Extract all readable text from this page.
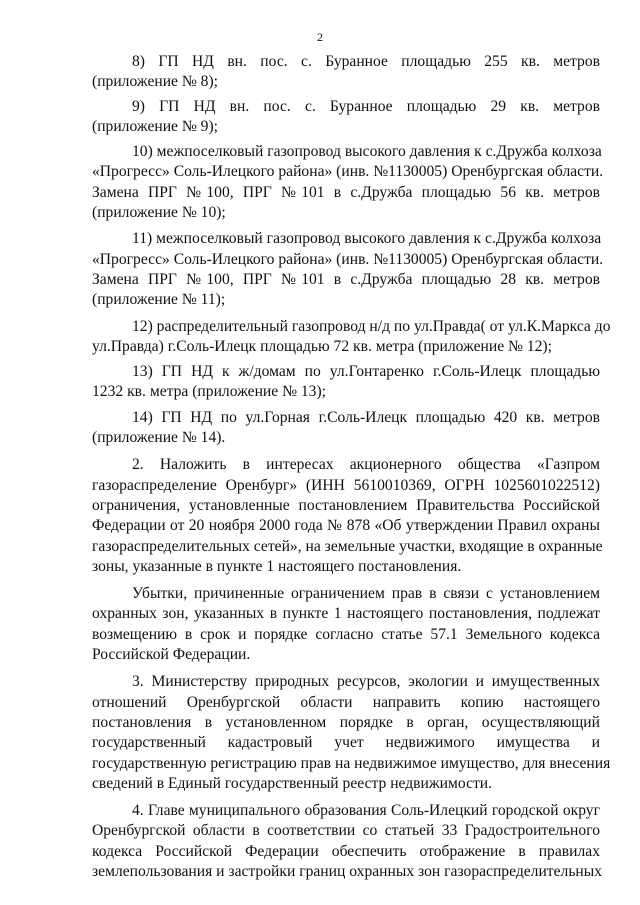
2
8) ГП НД вн. пос. с. Буранное площадью 255 кв. метров
(приложение № 8);
9) ГП НД вн. пос. с. Буранное площадью 29 кв. метров
(приложение № 9);
10) межпоселковый газопровод высокого давления к с.Дружба колхоза
«Прогресс» Соль-Илецкого района» (инв. №1130005) Оренбургская области.
Замена ПРГ №100, ПРГ №101 в с.Дружба площадью 56 кв. метров
(приложение № 10);
11) межпоселковый газопровод высокого давления к с.Дружба колхоза
«Прогресс» Соль-Илецкого района» (инв. №1130005) Оренбургская области.
Замена ПРГ №100, ПРГ №101 в с.Дружба площадью 28 кв. метров
(приложение № 11);
12) распределительный газопровод н/д по ул.Правда( от ул.К.Маркса до
ул.Правда) г.Соль-Илецк площадью 72 кв. метра (приложение № 12);
13) ГП НД к ж/домам по ул.Гонтаренко г.Соль-Илецк площадью
1232 кв. метра (приложение № 13);
14) ГП НД по ул.Горная г.Соль-Илецк площадью 420 кв. метров
(приложение № 14).
2. Наложить в интересах акционерного общества «Газпром
газораспределение Оренбург» (ИНН 5610010369, ОГРН 1025601022512)
ограничения, установленные постановлением Правительства Российской
Федерации от 20 ноября 2000 года № 878 «Об утверждении Правил охраны
газораспределительных сетей», на земельные участки, входящие в охранные
зоны, указанные в пункте 1 настоящего постановления.
Убытки, причиненные ограничением прав в связи с установлением
охранных зон, указанных в пункте 1 настоящего постановления, подлежат
возмещению в срок и порядке согласно статье 57.1 Земельного кодекса
Российской Федерации.
3. Министерству природных ресурсов, экологии и имущественных
отношений Оренбургской области направить копию настоящего
постановления в установленном порядке в орган, осуществляющий
государственный кадастровый учет недвижимого имущества и
государственную регистрацию прав на недвижимое имущество, для внесения
сведений в Единый государственный реестр недвижимости.
4. Главе муниципального образования Соль-Илецкий городской округ
Оренбургской области в соответствии со статьей 33 Градостроительного
кодекса Российской Федерации обеспечить отображение в правилах
землепользования и застройки границ охранных зон газораспределительных
